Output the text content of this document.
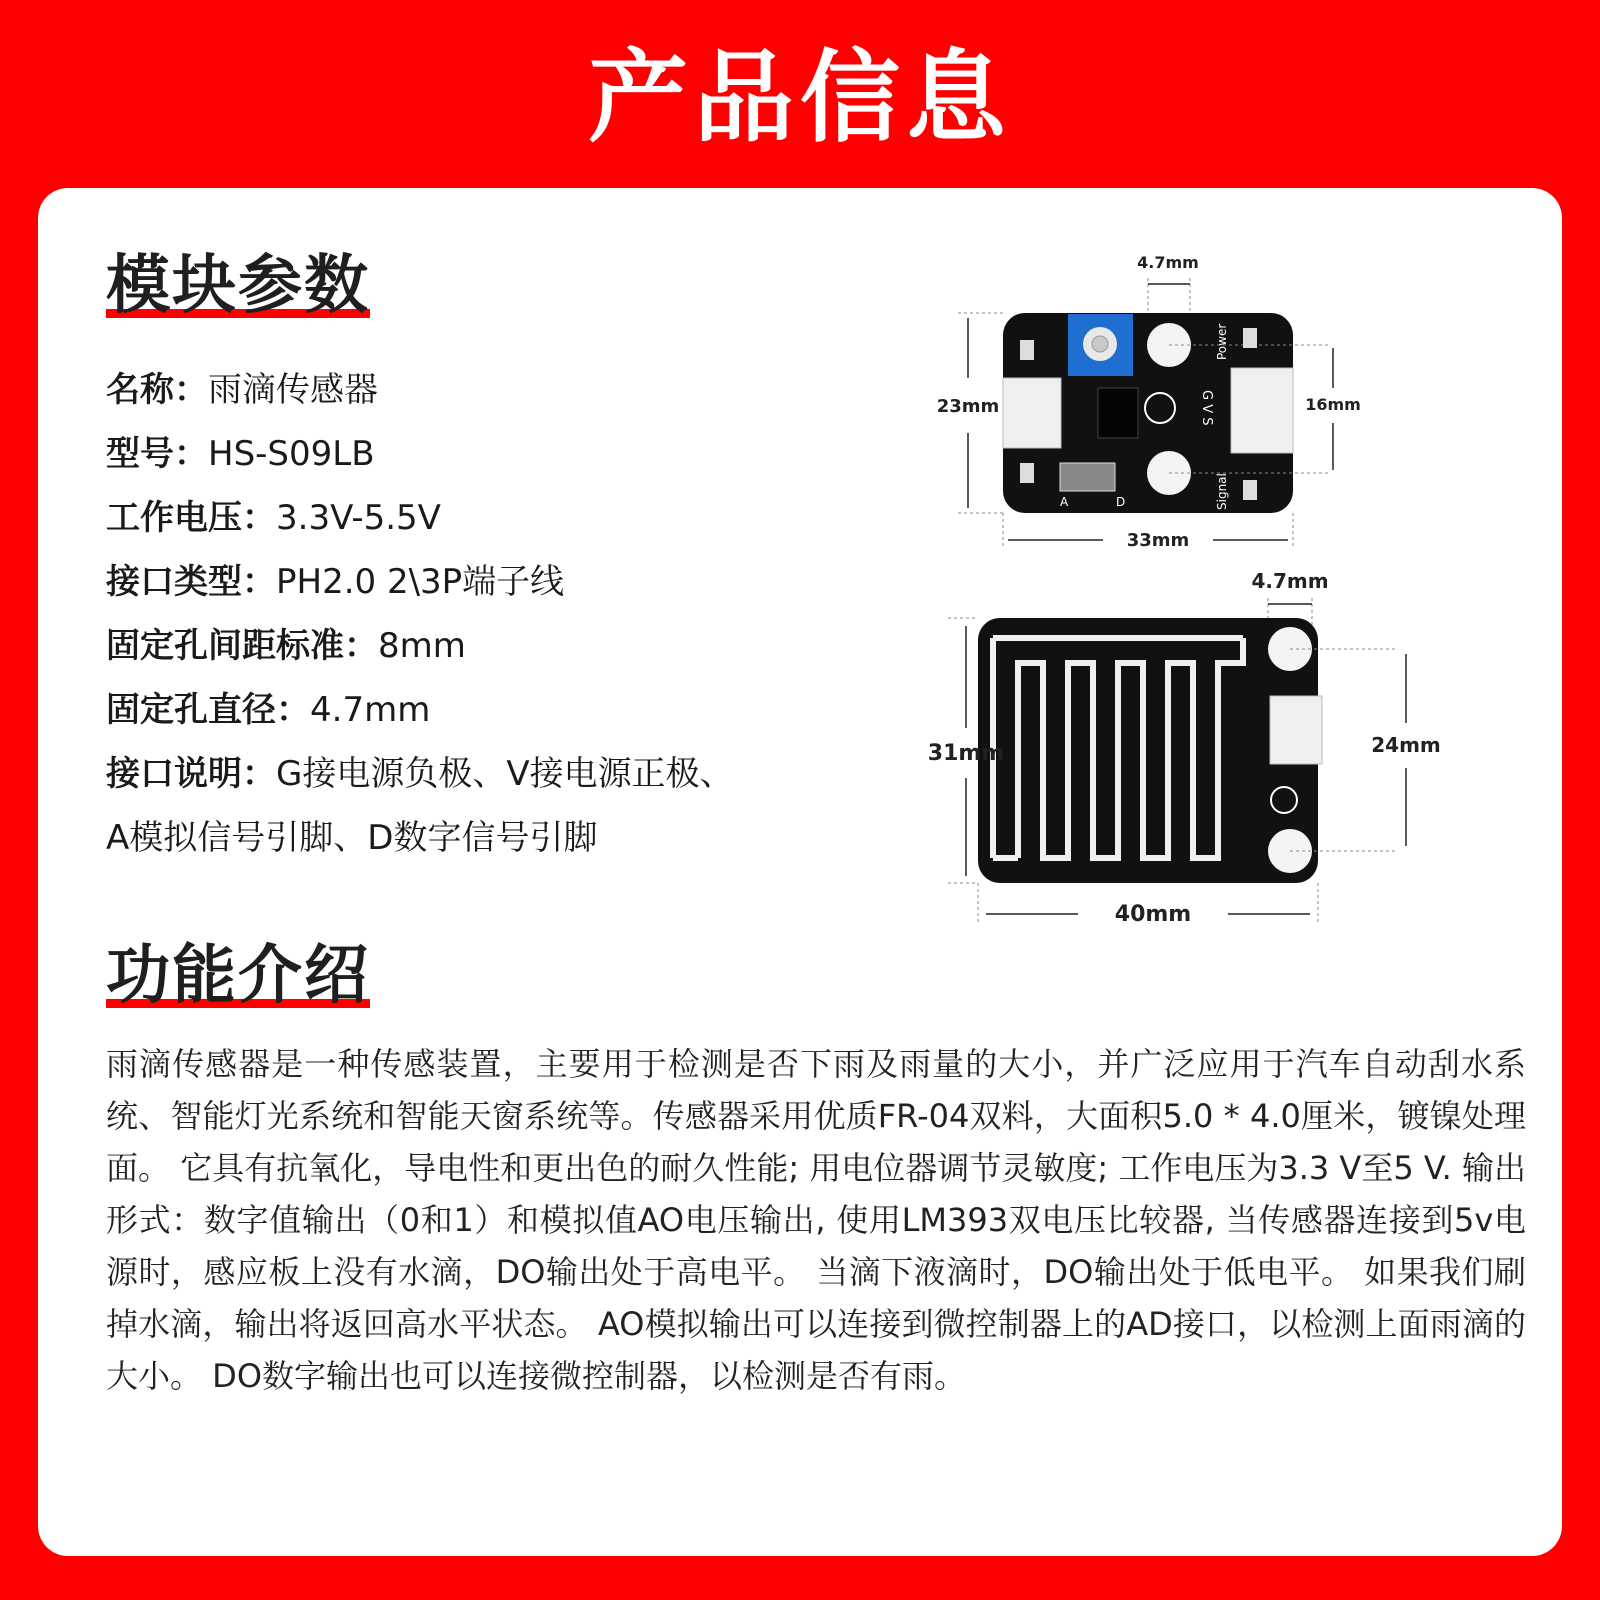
产品信息
模块参数
名称：雨滴传感器
型号：HS-S09LB
工作电压：3.3V-5.5V
接口类型：PH2.0 2\3P端子线
固定孔间距标准：8mm
固定孔直径：4.7mm
接口说明：G接电源负极、V接电源正极、A模拟信号引脚、D数字信号引脚
4.7mm
G V S
Power
Signal
A	D
23mm	16mm
33mm
4.7mm
31mm	24mm
40mm
功能介绍
雨滴传感器是一种传感装置，主要用于检测是否下雨及雨量的大小，并广泛应用于汽车自动刮水系统、智能灯光系统和智能天窗系统等。传感器采用优质FR-04双料，大面积5.0 * 4.0厘米，镀镍处理面。 它具有抗氧化，导电性和更出色的耐久性能; 用电位器调节灵敏度; 工作电压为3.3 V至5 V. 输出形式：数字值输出（0和1）和模拟值AO电压输出, 使用LM393双电压比较器, 当传感器连接到5v电源时，感应板上没有水滴，DO输出处于高电平。 当滴下液滴时，DO输出处于低电平。 如果我们刷掉水滴，输出将返回高水平状态。 AO模拟输出可以连接到微控制器上的AD接口，以检测上面雨滴的大小。 DO数字输出也可以连接微控制器，以检测是否有雨。
